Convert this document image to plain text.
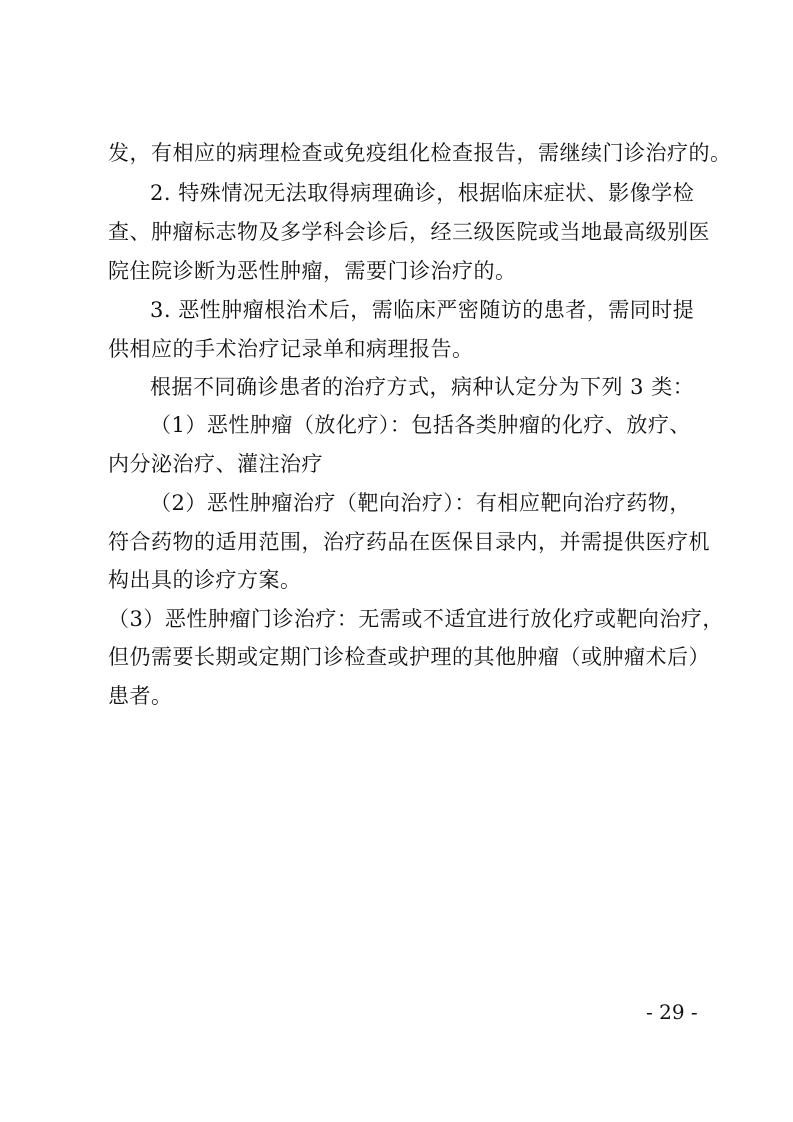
发，有相应的病理检查或免疫组化检查报告，需继续门诊治疗的。
2. 特殊情况无法取得病理确诊，根据临床症状、影像学检
查、肿瘤标志物及多学科会诊后，经三级医院或当地最高级别医
院住院诊断为恶性肿瘤，需要门诊治疗的。
3. 恶性肿瘤根治术后，需临床严密随访的患者，需同时提
供相应的手术治疗记录单和病理报告。
根据不同确诊患者的治疗方式，病种认定分为下列 3 类：
（1）恶性肿瘤（放化疗）：包括各类肿瘤的化疗、放疗、
内分泌治疗、灌注治疗
（2）恶性肿瘤治疗（靶向治疗）：有相应靶向治疗药物，
符合药物的适用范围，治疗药品在医保目录内，并需提供医疗机
构出具的诊疗方案。
（3）恶性肿瘤门诊治疗：无需或不适宜进行放化疗或靶向治疗，
但仍需要长期或定期门诊检查或护理的其他肿瘤（或肿瘤术后）
患者。
- 29 -
